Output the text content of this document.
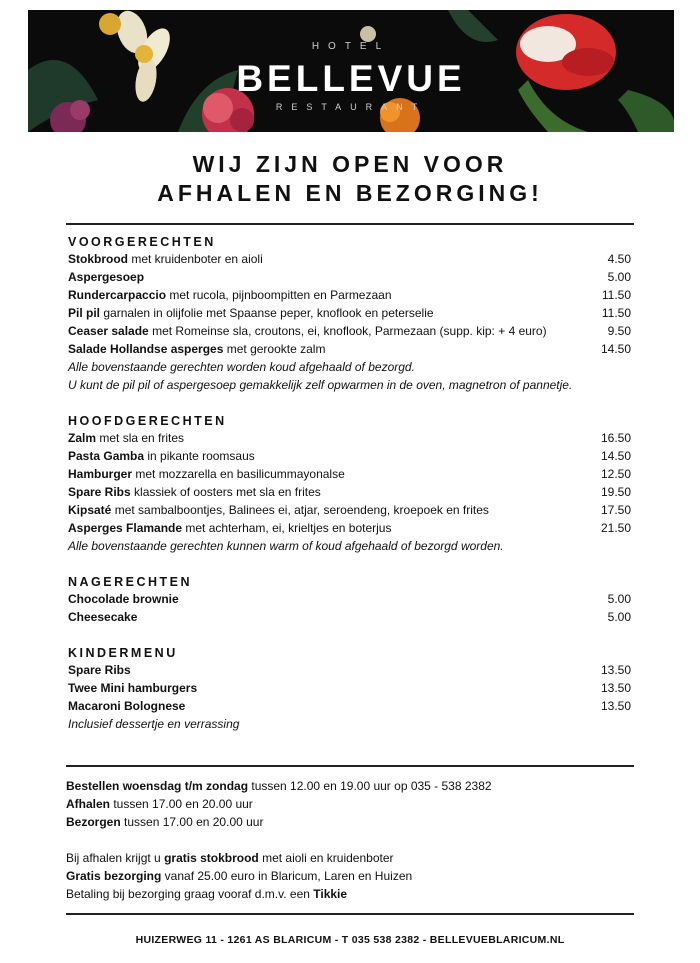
HOTEL
BELLEVUE
RESTAURANT
WIJ ZIJN OPEN VOOR
AFHALEN EN BEZORGING!
VOORGERECHTEN
Stokbrood met kruidenboter en aioli	4.50
Aspergesoep	5.00
Rundercarpaccio met rucola, pijnboompitten en Parmezaan	11.50
Pil pil garnalen in olijfolie met Spaanse peper, knoflook en peterselie	11.50
Ceaser salade met Romeinse sla, croutons, ei, knoflook, Parmezaan (supp. kip: + 4 euro)	9.50
Salade Hollandse asperges met gerookte zalm	14.50
Alle bovenstaande gerechten worden koud afgehaald of bezorgd.
U kunt de pil pil of aspergesoep gemakkelijk zelf opwarmen in de oven, magnetron of pannetje.
HOOFDGERECHTEN
Zalm met sla en frites	16.50
Pasta Gamba in pikante roomsaus	14.50
Hamburger met mozzarella en basilicummayonalse	12.50
Spare Ribs klassiek of oosters met sla en frites	19.50
Kipsaté met sambalboontjes, Balinees ei, atjar, seroendeng, kroepoek en frites	17.50
Asperges Flamande met achterham, ei, krieltjes en boterjus	21.50
Alle bovenstaande gerechten kunnen warm of koud afgehaald of bezorgd worden.
NAGERECHTEN
Chocolade brownie	5.00
Cheesecake	5.00
KINDERMENU
Spare Ribs	13.50
Twee Mini hamburgers	13.50
Macaroni Bolognese	13.50
Inclusief dessertje en verrassing
Bestellen woensdag t/m zondag tussen 12.00 en 19.00 uur op 035 - 538 2382
Afhalen tussen 17.00 en 20.00 uur
Bezorgen tussen 17.00 en 20.00 uur
Bij afhalen krijgt u gratis stokbrood met aioli en kruidenboter
Gratis bezorging vanaf 25.00 euro in Blaricum, Laren en Huizen
Betaling bij bezorging graag vooraf d.m.v. een Tikkie
HUIZERWEG 11 - 1261 AS BLARICUM - T 035 538 2382 - BELLEVUEBLARICUM.NL
